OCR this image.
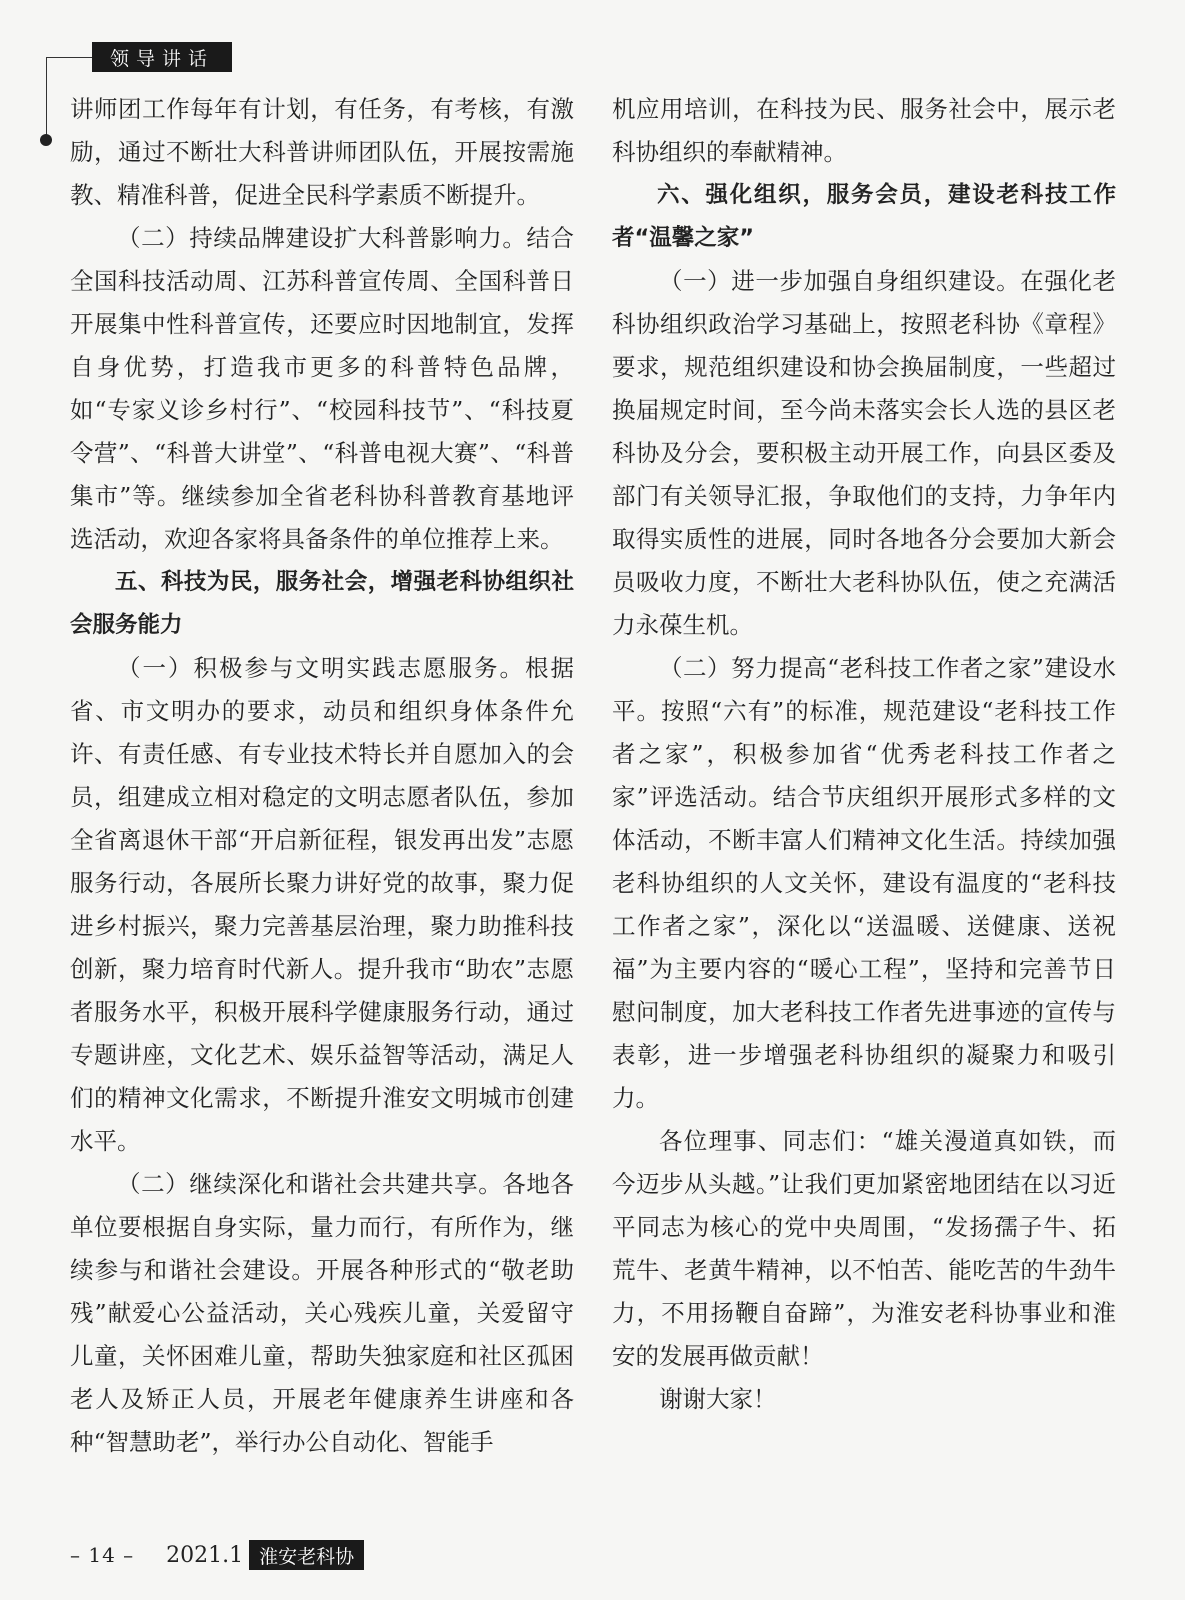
领导讲话

讲师团工作每年有计划，有任务，有考核，有激励，通过不断壮大科普讲师团队伍，开展按需施教、精准科普，促进全民科学素质不断提升。

（二）持续品牌建设扩大科普影响力。结合全国科技活动周、江苏科普宣传周、全国科普日开展集中性科普宣传，还要应时因地制宜，发挥自身优势，打造我市更多的科普特色品牌，如“专家义诊乡村行”、“校园科技节”、“科技夏令营”、“科普大讲堂”、“科普电视大赛”、“科普集市”等。继续参加全省老科协科普教育基地评选活动，欢迎各家将具备条件的单位推荐上来。

五、科技为民，服务社会，增强老科协组织社会服务能力

（一）积极参与文明实践志愿服务。根据省、市文明办的要求，动员和组织身体条件允许、有责任感、有专业技术特长并自愿加入的会员，组建成立相对稳定的文明志愿者队伍，参加全省离退休干部“开启新征程，银发再出发”志愿服务行动，各展所长聚力讲好党的故事，聚力促进乡村振兴，聚力完善基层治理，聚力助推科技创新，聚力培育时代新人。提升我市“助农”志愿者服务水平，积极开展科学健康服务行动，通过专题讲座，文化艺术、娱乐益智等活动，满足人们的精神文化需求，不断提升淮安文明城市创建水平。

（二）继续深化和谐社会共建共享。各地各单位要根据自身实际，量力而行，有所作为，继续参与和谐社会建设。开展各种形式的“敬老助残”献爱心公益活动，关心残疾儿童，关爱留守儿童，关怀困难儿童，帮助失独家庭和社区孤困老人及矫正人员，开展老年健康养生讲座和各种“智慧助老”，举行办公自动化、智能手

机应用培训，在科技为民、服务社会中，展示老科协组织的奉献精神。

六、强化组织，服务会员，建设老科技工作者“温馨之家”

（一）进一步加强自身组织建设。在强化老科协组织政治学习基础上，按照老科协《章程》要求，规范组织建设和协会换届制度，一些超过换届规定时间，至今尚未落实会长人选的县区老科协及分会，要积极主动开展工作，向县区委及部门有关领导汇报，争取他们的支持，力争年内取得实质性的进展，同时各地各分会要加大新会员吸收力度，不断壮大老科协队伍，使之充满活力永葆生机。

（二）努力提高“老科技工作者之家”建设水平。按照“六有”的标准，规范建设“老科技工作者之家”，积极参加省“优秀老科技工作者之家”评选活动。结合节庆组织开展形式多样的文体活动，不断丰富人们精神文化生活。持续加强老科协组织的人文关怀，建设有温度的“老科技工作者之家”，深化以“送温暖、送健康、送祝福”为主要内容的“暖心工程”，坚持和完善节日慰问制度，加大老科技工作者先进事迹的宣传与表彰，进一步增强老科协组织的凝聚力和吸引力。

各位理事、同志们：“雄关漫道真如铁，而今迈步从头越。”让我们更加紧密地团结在以习近平同志为核心的党中央周围，“发扬孺子牛、拓荒牛、老黄牛精神，以不怕苦、能吃苦的牛劲牛力，不用扬鞭自奋蹄”，为淮安老科协事业和淮安的发展再做贡献！

谢谢大家！

– 14 – 2021.1 淮安老科协
